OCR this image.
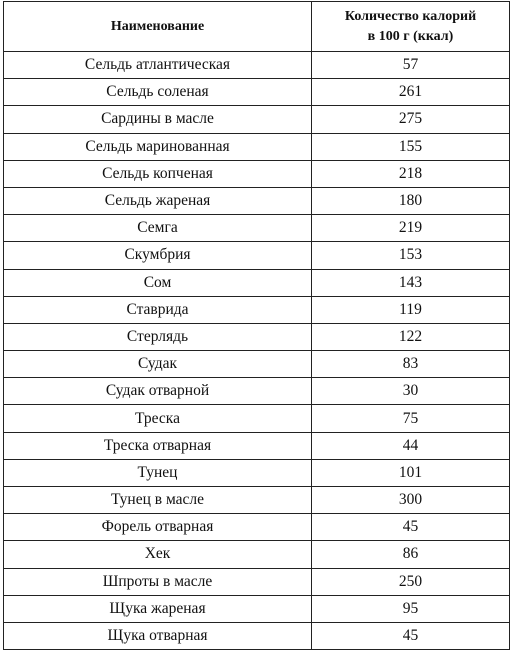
Наименование	Количество калорий
в 100 г (ккал)

Сельдь атлантическая	57
Сельдь соленая	261
Сардины в масле	275
Сельдь маринованная	155
Сельдь копченая	218
Сельдь жареная	180
Семга	219
Скумбрия	153
Сом	143
Ставрида	119
Стерлядь	122
Судак	83
Судак отварной	30
Треска	75
Треска отварная	44
Тунец	101
Тунец в масле	300
Форель отварная	45
Хек	86
Шпроты в масле	250
Щука жареная	95
Щука отварная	45
